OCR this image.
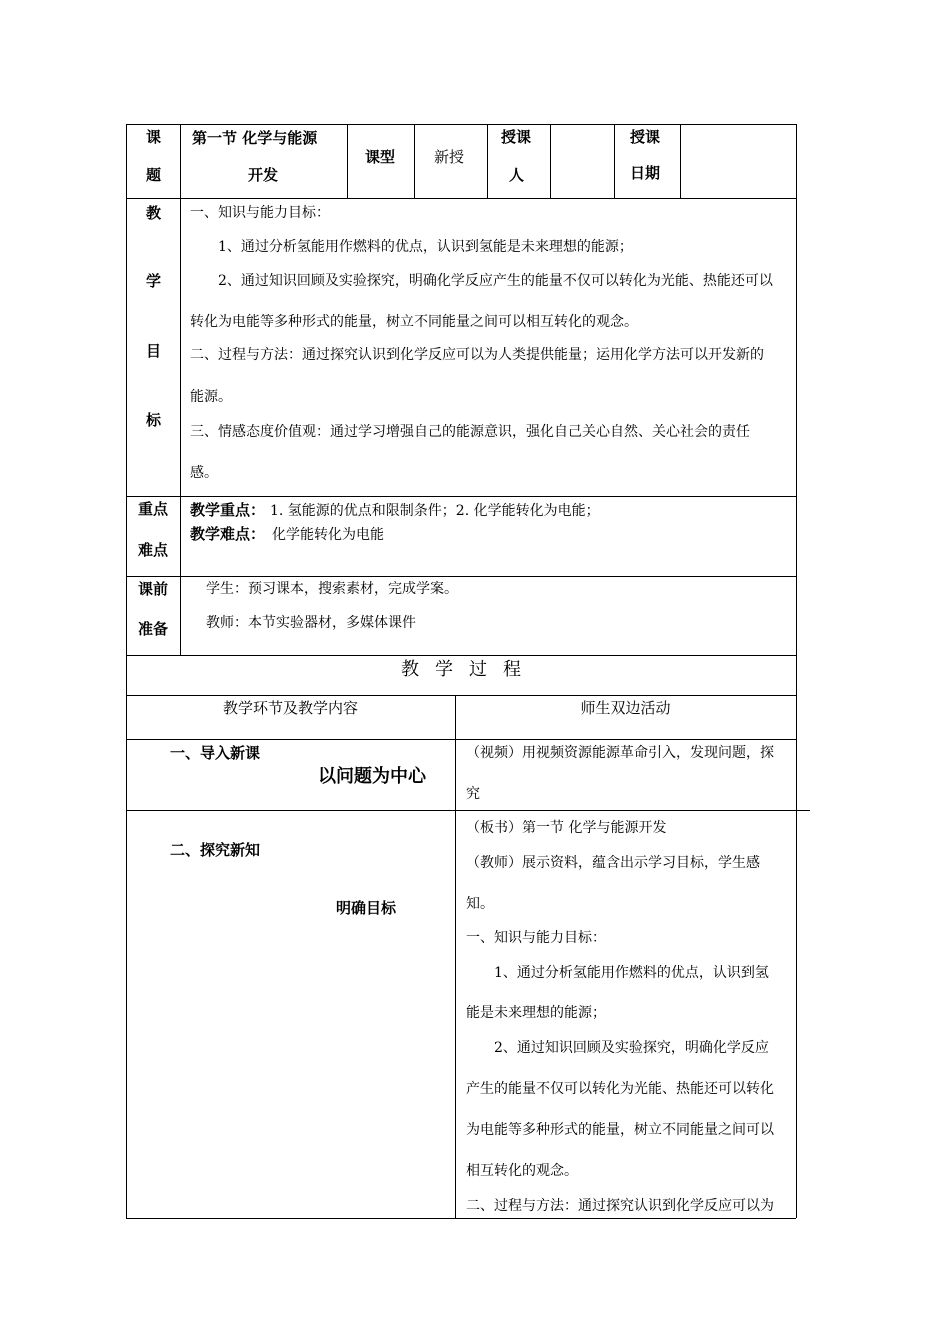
课
题
第一节 化学与能源
开发
课型	新授
授课
人
授课
日期
教
学
目
标
一、知识与能力目标：
1、通过分析氢能用作燃料的优点，认识到氢能是未来理想的能源；
2、通过知识回顾及实验探究，明确化学反应产生的能量不仅可以转化为光能、热能还可以
转化为电能等多种形式的能量，树立不同能量之间可以相互转化的观念。
二、过程与方法：通过探究认识到化学反应可以为人类提供能量；运用化学方法可以开发新的
能源。
三、情感态度价值观：通过学习增强自己的能源意识，强化自己关心自然、关心社会的责任
感。
重点
难点
教学重点： 1. 氢能源的优点和限制条件；2. 化学能转化为电能；
教学难点： 化学能转化为电能
课前
准备
学生：预习课本，搜索素材，完成学案。
教师：本节实验器材，多媒体课件
教学过程
教学环节及教学内容	师生双边活动
一、导入新课
以问题为中心
（视频）用视频资源能源革命引入，发现问题，探
究
二、探究新知
明确目标
（板书）第一节 化学与能源开发
（教师）展示资料，蕴含出示学习目标，学生感
知。
一、知识与能力目标：
1、通过分析氢能用作燃料的优点，认识到氢
能是未来理想的能源；
2、通过知识回顾及实验探究，明确化学反应
产生的能量不仅可以转化为光能、热能还可以转化
为电能等多种形式的能量，树立不同能量之间可以
相互转化的观念。
二、过程与方法：通过探究认识到化学反应可以为
